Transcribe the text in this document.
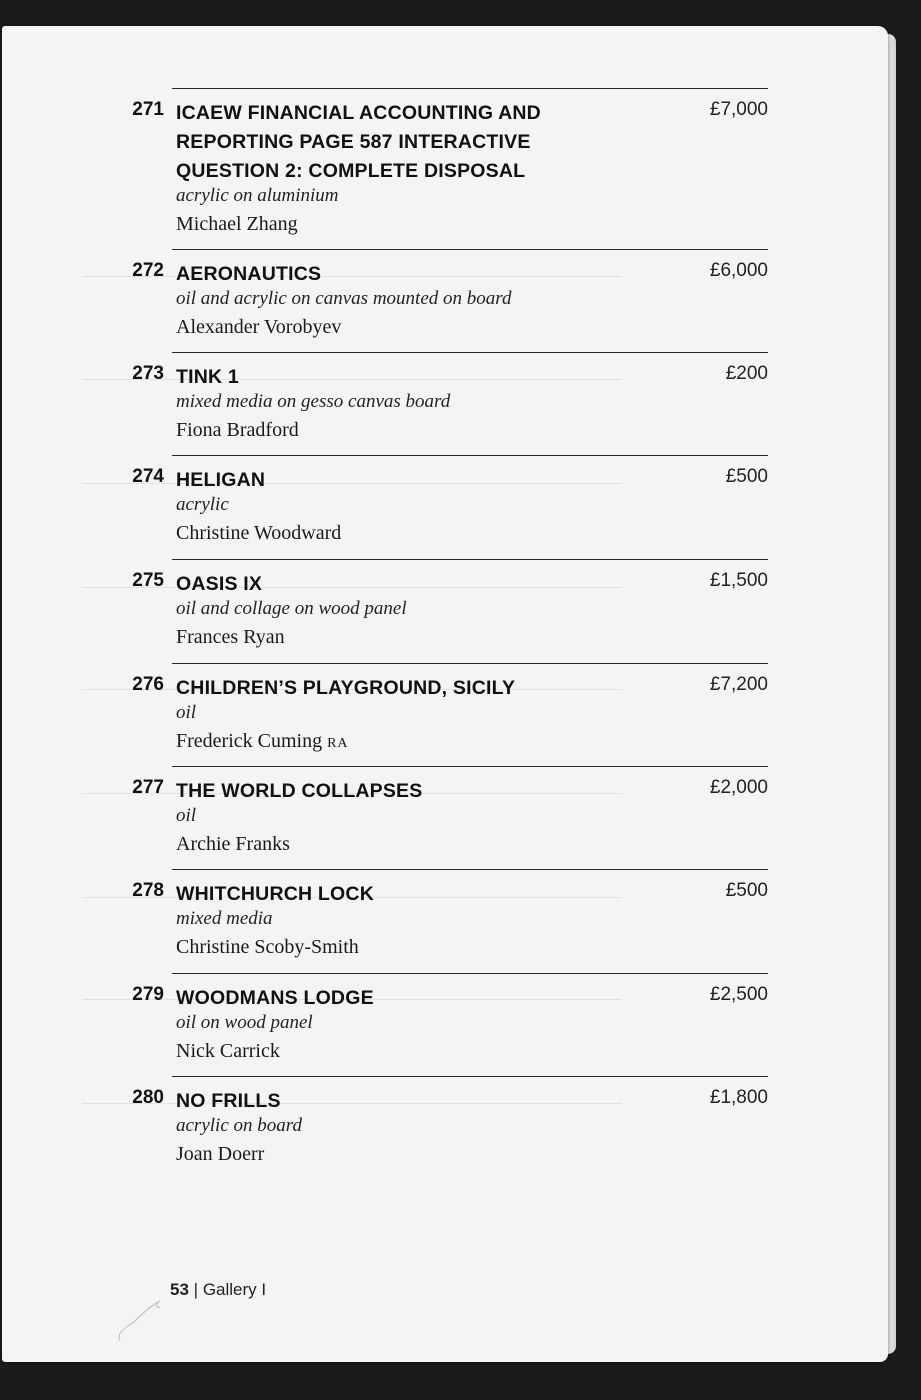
271 ICAEW FINANCIAL ACCOUNTING AND REPORTING PAGE 587 INTERACTIVE QUESTION 2: COMPLETE DISPOSAL
£7,000
acrylic on aluminium
Michael Zhang
272 AERONAUTICS	£6,000
oil and acrylic on canvas mounted on board
Alexander Vorobyev
273 TINK 1	£200
mixed media on gesso canvas board
Fiona Bradford
274 HELIGAN	£500
acrylic
Christine Woodward
275 OASIS IX	£1,500
oil and collage on wood panel
Frances Ryan
276 CHILDREN’S PLAYGROUND, SICILY	£7,200
oil
Frederick Cuming RA
277 THE WORLD COLLAPSES	£2,000
oil
Archie Franks
278 WHITCHURCH LOCK	£500
mixed media
Christine Scoby-Smith
279 WOODMANS LODGE	£2,500
oil on wood panel
Nick Carrick
280 NO FRILLS	£1,800
acrylic on board
Joan Doerr
53 | Gallery I
